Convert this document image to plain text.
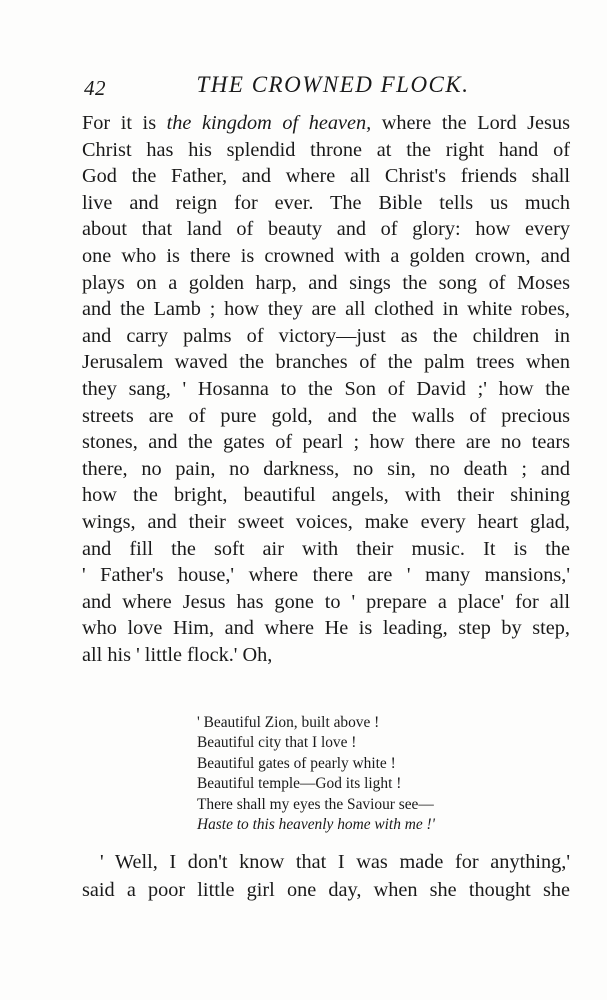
42	THE CROWNED FLOCK.
For it is the kingdom of heaven, where the Lord Jesus
Christ has his splendid throne at the right hand of
God the Father, and where all Christ's friends shall
live and reign for ever. The Bible tells us much
about that land of beauty and of glory: how every
one who is there is crowned with a golden crown, and
plays on a golden harp, and sings the song of Moses
and the Lamb ; how they are all clothed in white robes,
and carry palms of victory—just as the children in
Jerusalem waved the branches of the palm trees when
they sang, ' Hosanna to the Son of David ;' how the
streets are of pure gold, and the walls of precious
stones, and the gates of pearl ; how there are no tears
there, no pain, no darkness, no sin, no death ; and
how the bright, beautiful angels, with their shining
wings, and their sweet voices, make every heart glad,
and fill the soft air with their music. It is the
' Father's house,' where there are ' many mansions,'
and where Jesus has gone to ' prepare a place' for all
who love Him, and where He is leading, step by step,
all his ' little flock.' Oh,
' Beautiful Zion, built above !
Beautiful city that I love !
Beautiful gates of pearly white !
Beautiful temple—God its light !
There shall my eyes the Saviour see—
Haste to this heavenly home with me !'
' Well, I don't know that I was made for anything,'
said a poor little girl one day, when she thought she
